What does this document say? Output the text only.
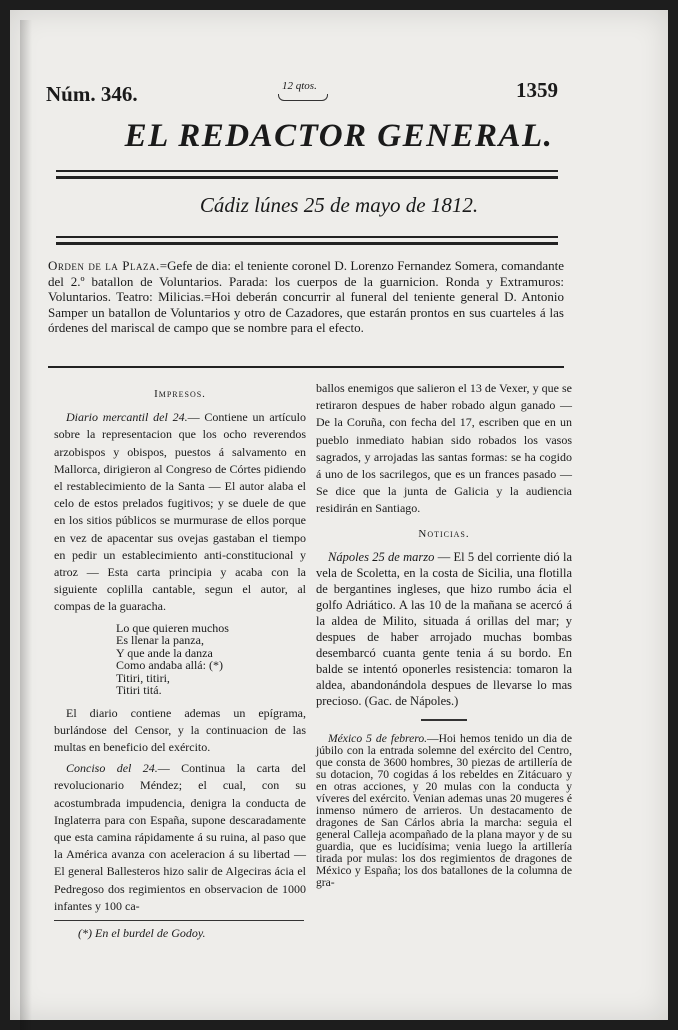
Núm. 346.	12 qtos.	1359
EL REDACTOR GENERAL.
Cádiz lúnes 25 de mayo de 1812.
Orden de la Plaza.=Gefe de dia: el teniente coronel D. Lorenzo Fernandez Somera, comandante del 2.º batallon de Voluntarios. Parada: los cuerpos de la guarnicion. Ronda y Extramuros: Voluntarios. Teatro: Milicias.=Hoi deberán concurrir al funeral del teniente general D. Antonio Samper un batallon de Voluntarios y otro de Cazadores, que estarán prontos en sus cuarteles á las órdenes del mariscal de campo que se nombre para el efecto.
Impresos.

Diario mercantil del 24.— Contiene un artículo sobre la representacion que los ocho reverendos arzobispos y obispos, puestos á salvamento en Mallorca, dirigieron al Congreso de Córtes pidiendo el restablecimiento de la Santa — El autor alaba el celo de estos prelados fugitivos; y se duele de que en los sitios públicos se murmurase de ellos porque en vez de apacentar sus ovejas gastaban el tiempo en pedir un establecimiento anti-constitucional y atroz — Esta carta principia y acaba con la siguiente coplilla cantable, segun el autor, al compas de la guaracha.

Lo que quieren muchos
Es llenar la panza,
Y que ande la danza
Como andaba allá: (*)
Titiri, titiri,
Titiri titá.

El diario contiene ademas un epígrama, burlándose del Censor, y la continuacion de las multas en beneficio del exército.

Conciso del 24.— Continua la carta del revolucionario Méndez; el cual, con su acostumbrada impudencia, denigra la conducta de Inglaterra para con España, supone descaradamente que esta camina rápidamente á su ruina, al paso que la América avanza con aceleracion á su libertad — El general Ballesteros hizo salir de Algeciras ácia el Pedregoso dos regimientos en observacion de 1000 infantes y 100 ca-

(*) En el burdel de Godoy.

ballos enemigos que salieron el 13 de Vexer, y que se retiraron despues de haber robado algun ganado — De la Coruña, con fecha del 17, escriben que en un pueblo inmediato habian sido robados los vasos sagrados, y arrojadas las santas formas: se ha cogido á uno de los sacrilegos, que es un frances pasado — Se dice que la junta de Galicia y la audiencia residirán en Santiago.

Noticias.

Nápoles 25 de marzo — El 5 del corriente dió la vela de Scoletta, en la costa de Sicilia, una flotilla de bergantines ingleses, que hizo rumbo ácia el golfo Adriático. A las 10 de la mañana se acercó á la aldea de Milito, situada á orillas del mar; y despues de haber arrojado muchas bombas desembarcó cuanta gente tenia á su bordo. En balde se intentó oponerles resistencia: tomaron la aldea, abandonándola despues de llevarse lo mas precioso. (Gac. de Nápoles.)

México 5 de febrero.—Hoi hemos tenido un dia de júbilo con la entrada solemne del exército del Centro, que consta de 3600 hombres, 30 piezas de artillería de su dotacion, 70 cogidas á los rebeldes en Zitácuaro y en otras acciones, y 20 mulas con la conducta y víveres del exército. Venian ademas unas 20 mugeres é inmenso número de arrieros. Un destacamento de dragones de San Cárlos abria la marcha: seguia el general Calleja acompañado de la plana mayor y de su guardia, que es lucidísima; venia luego la artillería tirada por mulas: los dos regimientos de dragones de México y España; los dos batallones de la columna de gra-
